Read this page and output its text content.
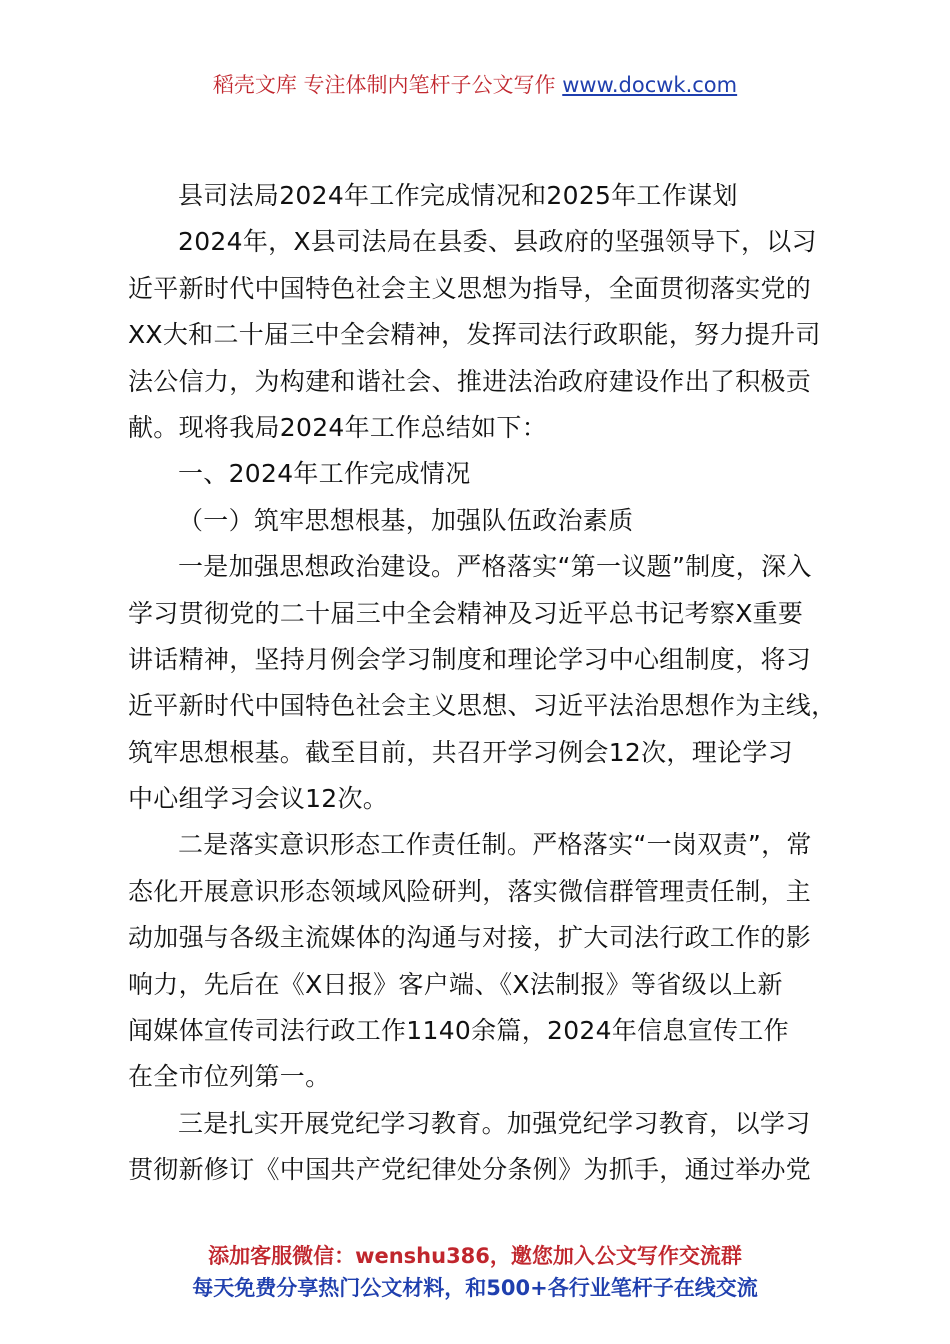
稻壳文库 专注体制内笔杆子公文写作 www.docwk.com
县司法局2024年工作完成情况和2025年工作谋划
2024年，X县司法局在县委、县政府的坚强领导下，以习
近平新时代中国特色社会主义思想为指导，全面贯彻落实党的
XX大和二十届三中全会精神，发挥司法行政职能，努力提升司
法公信力，为构建和谐社会、推进法治政府建设作出了积极贡
献。现将我局2024年工作总结如下：
一、2024年工作完成情况
（一）筑牢思想根基，加强队伍政治素质
一是加强思想政治建设。严格落实“第一议题”制度，深入
学习贯彻党的二十届三中全会精神及习近平总书记考察X重要
讲话精神，坚持月例会学习制度和理论学习中心组制度，将习
近平新时代中国特色社会主义思想、习近平法治思想作为主线，
筑牢思想根基。截至目前，共召开学习例会12次，理论学习
中心组学习会议12次。
二是落实意识形态工作责任制。严格落实“一岗双责”，常
态化开展意识形态领域风险研判，落实微信群管理责任制，主
动加强与各级主流媒体的沟通与对接，扩大司法行政工作的影
响力，先后在《X日报》客户端、《X法制报》等省级以上新
闻媒体宣传司法行政工作1140余篇，2024年信息宣传工作
在全市位列第一。
三是扎实开展党纪学习教育。加强党纪学习教育，以学习
贯彻新修订《中国共产党纪律处分条例》为抓手，通过举办党
添加客服微信：wenshu386，邀您加入公文写作交流群
每天免费分享热门公文材料，和500+各行业笔杆子在线交流
